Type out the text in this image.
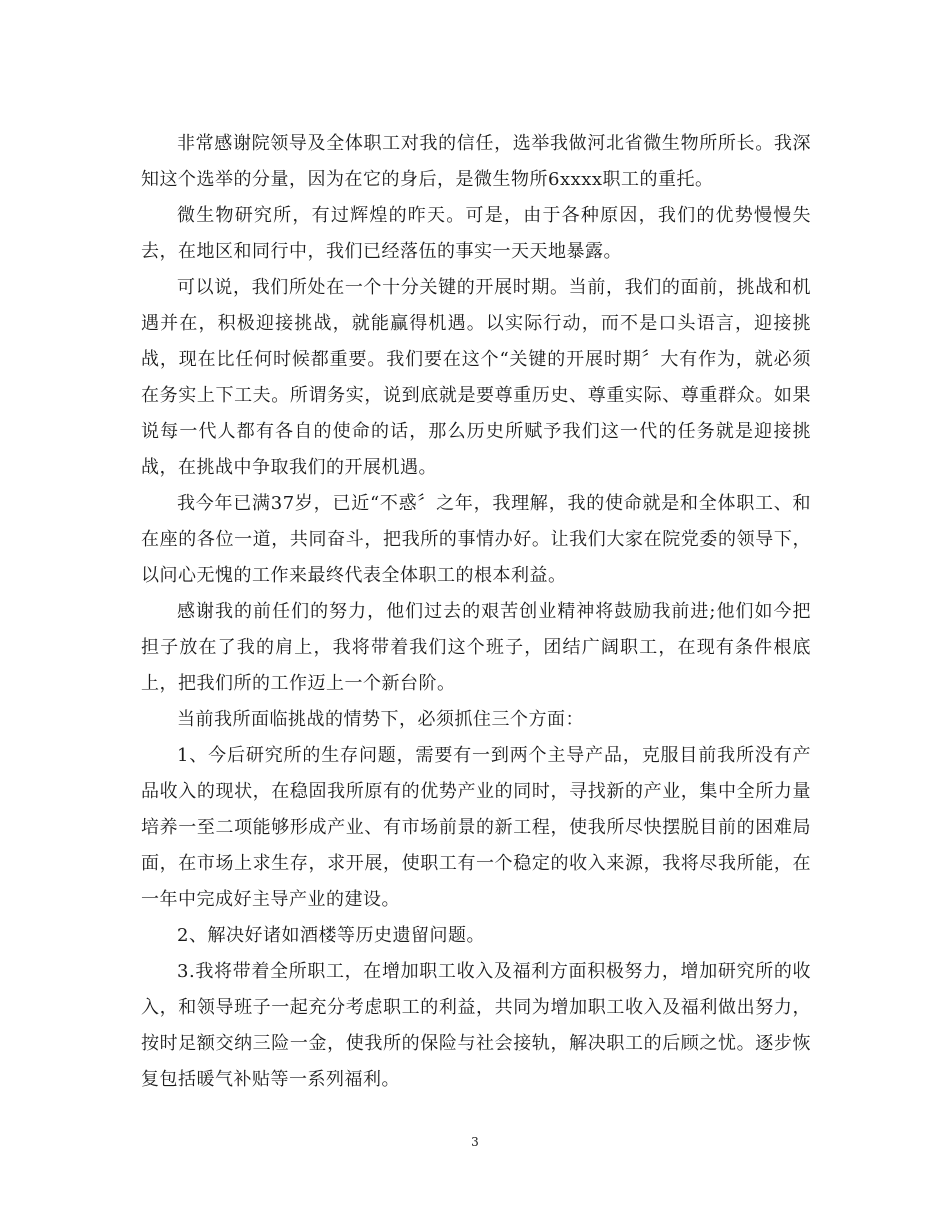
非常感谢院领导及全体职工对我的信任，选举我做河北省微生物所所长。我深知这个选举的分量，因为在它的身后，是微生物所6xxxx职工的重托。

微生物研究所，有过辉煌的昨天。可是，由于各种原因，我们的优势慢慢失去，在地区和同行中，我们已经落伍的事实一天天地暴露。

可以说，我们所处在一个十分关键的开展时期。当前，我们的面前，挑战和机遇并在，积极迎接挑战，就能赢得机遇。以实际行动，而不是口头语言，迎接挑战，现在比任何时候都重要。我们要在这个“关键的开展时期〞大有作为，就必须在务实上下工夫。所谓务实，说到底就是要尊重历史、尊重实际、尊重群众。如果说每一代人都有各自的使命的话，那么历史所赋予我们这一代的任务就是迎接挑战，在挑战中争取我们的开展机遇。

我今年已满37岁，已近“不惑〞之年，我理解，我的使命就是和全体职工、和在座的各位一道，共同奋斗，把我所的事情办好。让我们大家在院党委的领导下，以问心无愧的工作来最终代表全体职工的根本利益。

感谢我的前任们的努力，他们过去的艰苦创业精神将鼓励我前进;他们如今把担子放在了我的肩上，我将带着我们这个班子，团结广阔职工，在现有条件根底上，把我们所的工作迈上一个新台阶。

当前我所面临挑战的情势下，必须抓住三个方面：

1、今后研究所的生存问题，需要有一到两个主导产品，克服目前我所没有产品收入的现状，在稳固我所原有的优势产业的同时，寻找新的产业，集中全所力量培养一至二项能够形成产业、有市场前景的新工程，使我所尽快摆脱目前的困难局面，在市场上求生存，求开展，使职工有一个稳定的收入来源，我将尽我所能，在一年中完成好主导产业的建设。

2、解决好诸如酒楼等历史遗留问题。

3.我将带着全所职工，在增加职工收入及福利方面积极努力，增加研究所的收入，和领导班子一起充分考虑职工的利益，共同为增加职工收入及福利做出努力，按时足额交纳三险一金，使我所的保险与社会接轨，解决职工的后顾之忧。逐步恢复包括暖气补贴等一系列福利。

3
